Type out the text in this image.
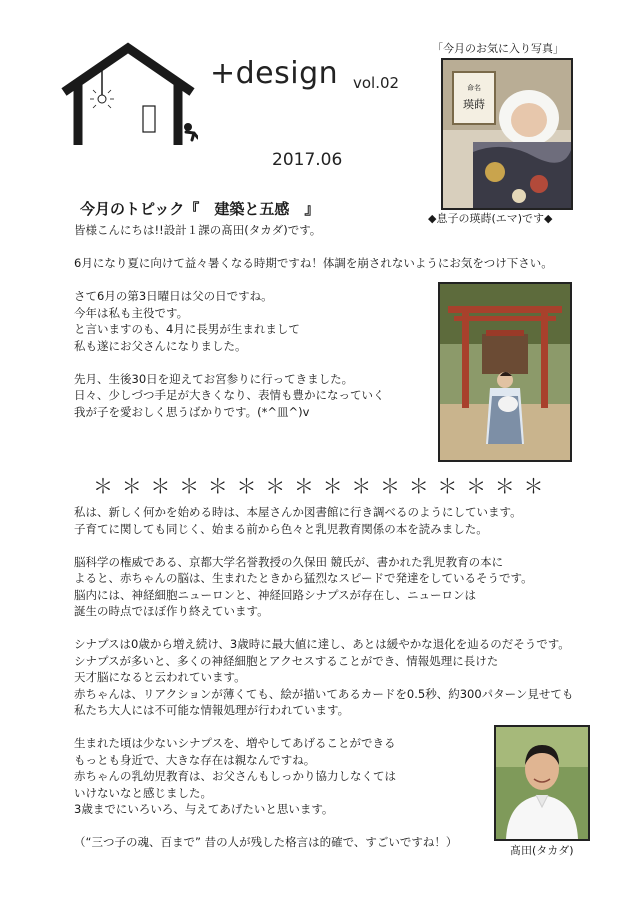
+design vol.02
2017.06
「今月のお気に入り写真」
命名
瑛蒔
◆息子の瑛蒔(エマ)です◆
今月のトピック『　建築と五感　』
皆様こんにちは!!設計１課の髙田(タカダ)です。

6月になり夏に向けて益々暑くなる時期ですね！体調を崩されないようにお気をつけ下さい。

さて6月の第3日曜日は父の日ですね。
今年は私も主役です。
と言いますのも、4月に長男が生まれまして
私も遂にお父さんになりました。

先月、生後30日を迎えてお宮参りに行ってきました。
日々、少しづつ手足が大きくなり、表情も豊かになっていく
我が子を愛おしく思うばかりです。(*^皿^)v
＊＊＊＊＊＊＊＊＊＊＊＊＊＊＊＊
私は、新しく何かを始める時は、本屋さんか図書館に行き調べるのようにしています。
子育てに関しても同じく、始まる前から色々と乳児教育関係の本を読みました。

脳科学の権威である、京都大学名誉教授の久保田 競氏が、書かれた乳児教育の本に
よると、赤ちゃんの脳は、生まれたときから猛烈なスピードで発達をしているそうです。
脳内には、神経細胞ニューロンと、神経回路シナプスが存在し、ニューロンは
誕生の時点でほぼ作り終えています。

シナプスは0歳から増え続け、3歳時に最大値に達し、あとは緩やかな退化を辿るのだそうです。
シナプスが多いと、多くの神経細胞とアクセスすることができ、情報処理に長けた
天才脳になると云われています。
赤ちゃんは、リアクションが薄くても、絵が描いてあるカードを0.5秒、約300パターン見せても
私たち大人には不可能な情報処理が行われています。

生まれた頃は少ないシナプスを、増やしてあげることができる
もっとも身近で、大きな存在は親なんですね。
赤ちゃんの乳幼児教育は、お父さんもしっかり協力しなくては
いけないなと感じました。
3歳までにいろいろ、与えてあげたいと思います。

（“三つ子の魂、百まで” 昔の人が残した格言は的確で、すごいですね！）
髙田(タカダ)
